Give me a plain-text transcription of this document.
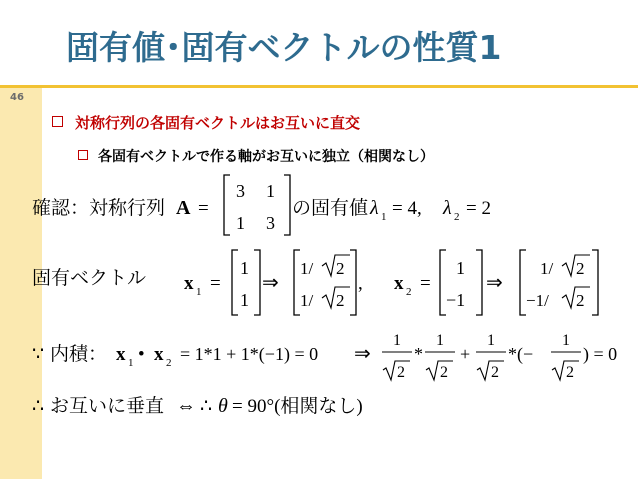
固有値･固有ベクトルの性質1
46
対称行列の各固有ベクトルはお互いに直交
各固有ベクトルで作る軸がお互いに独立（相関なし）
確認：対称行列 A =
3 1
1 3
の固有値 λ 1 = 4, λ 2 = 2
固有ベクトル x 1 =
1
1
⇒
1/ 2
1/ 2
, x 2 =
1
−1
⇒
1/ 2
−1/ 2
∵ 内積： x 1 • x 2 = 1*1 + 1*(−1) = 0 ⇒
1
2
*
1
2
+
1
2
*(−
1
2
) = 0
∴ お互いに垂直 ⇔ ∴ θ = 90°(相関なし)
